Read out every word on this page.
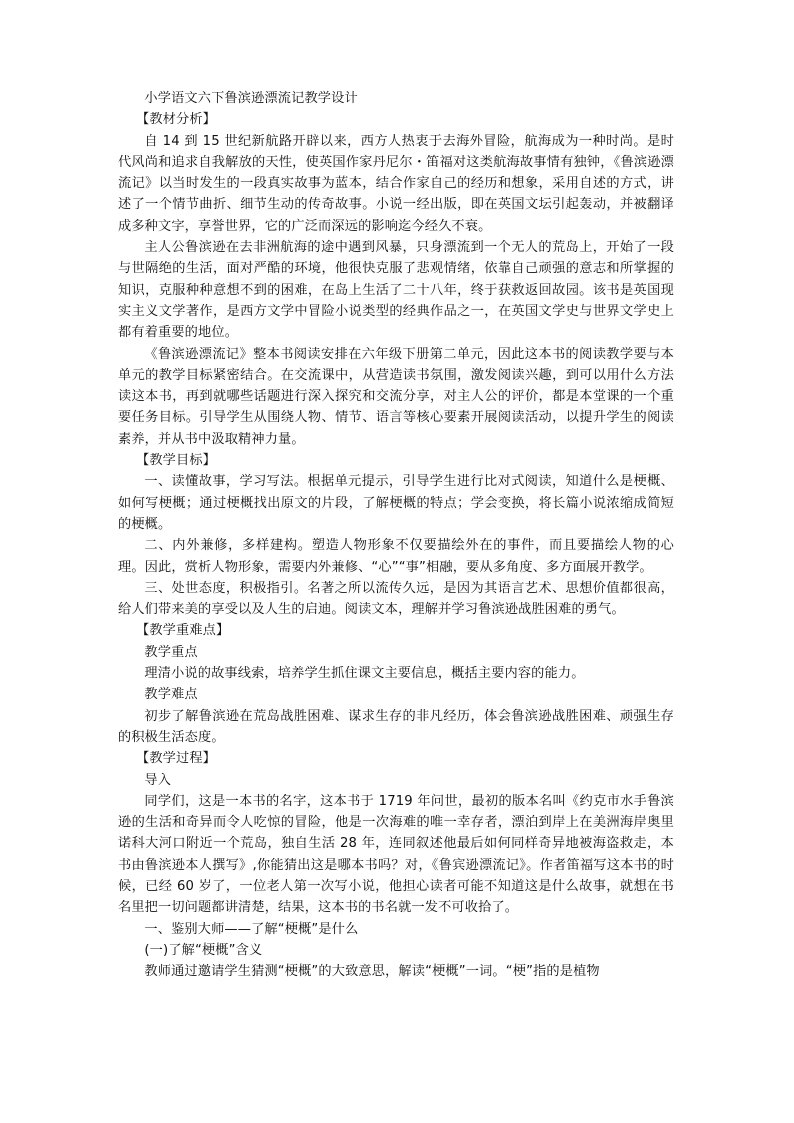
小学语文六下鲁滨逊漂流记教学设计

【教材分析】

自 14 到 15 世纪新航路开辟以来，西方人热衷于去海外冒险，航海成为一种时尚。是时代风尚和追求自我解放的天性，使英国作家丹尼尔・笛福对这类航海故事情有独钟，《鲁滨逊漂流记》以当时发生的一段真实故事为蓝本，结合作家自己的经历和想象，采用自述的方式，讲述了一个情节曲折、细节生动的传奇故事。小说一经出版，即在英国文坛引起轰动，并被翻译成多种文字，享誉世界，它的广泛而深远的影响迄今经久不衰。

主人公鲁滨逊在去非洲航海的途中遇到风暴，只身漂流到一个无人的荒岛上，开始了一段与世隔绝的生活，面对严酷的环境，他很快克服了悲观情绪，依靠自己顽强的意志和所掌握的知识，克服种种意想不到的困难，在岛上生活了二十八年，终于获救返回故园。该书是英国现实主义文学著作，是西方文学中冒险小说类型的经典作品之一，在英国文学史与世界文学史上都有着重要的地位。

《鲁滨逊漂流记》整本书阅读安排在六年级下册第二单元，因此这本书的阅读教学要与本单元的教学目标紧密结合。在交流课中，从营造读书氛围，激发阅读兴趣，到可以用什么方法读这本书，再到就哪些话题进行深入探究和交流分享，对主人公的评价，都是本堂课的一个重要任务目标。引导学生从围绕人物、情节、语言等核心要素开展阅读活动，以提升学生的阅读素养，并从书中汲取精神力量。

【教学目标】

一、读懂故事，学习写法。根据单元提示，引导学生进行比对式阅读，知道什么是梗概、如何写梗概；通过梗概找出原文的片段，了解梗概的特点；学会变换，将长篇小说浓缩成简短的梗概。

二、内外兼修，多样建构。塑造人物形象不仅要描绘外在的事件，而且要描绘人物的心理。因此，赏析人物形象，需要内外兼修、“心”“事”相融，要从多角度、多方面展开教学。

三、处世态度，积极指引。名著之所以流传久远，是因为其语言艺术、思想价值都很高，给人们带来美的享受以及人生的启迪。阅读文本，理解并学习鲁滨逊战胜困难的勇气。

【教学重难点】

教学重点

理清小说的故事线索，培养学生抓住课文主要信息，概括主要内容的能力。

教学难点

初步了解鲁滨逊在荒岛战胜困难、谋求生存的非凡经历，体会鲁滨逊战胜困难、顽强生存的积极生活态度。

【教学过程】

导入

同学们，这是一本书的名字，这本书于 1719 年问世，最初的版本名叫《约克市水手鲁滨逊的生活和奇异而令人吃惊的冒险，他是一次海难的唯一幸存者，漂泊到岸上在美洲海岸奥里诺科大河口附近一个荒岛，独自生活 28 年，连同叙述他最后如何同样奇异地被海盗救走，本书由鲁滨逊本人撰写》,你能猜出这是哪本书吗？对，《鲁宾逊漂流记》。作者笛福写这本书的时候，已经 60 岁了，一位老人第一次写小说，他担心读者可能不知道这是什么故事，就想在书名里把一切问题都讲清楚，结果，这本书的书名就一发不可收拾了。

一、鉴别大师——了解“梗概”是什么

(一)了解“梗概”含义

教师通过邀请学生猜测“梗概”的大致意思，解读“梗概”一词。“梗”指的是植物
